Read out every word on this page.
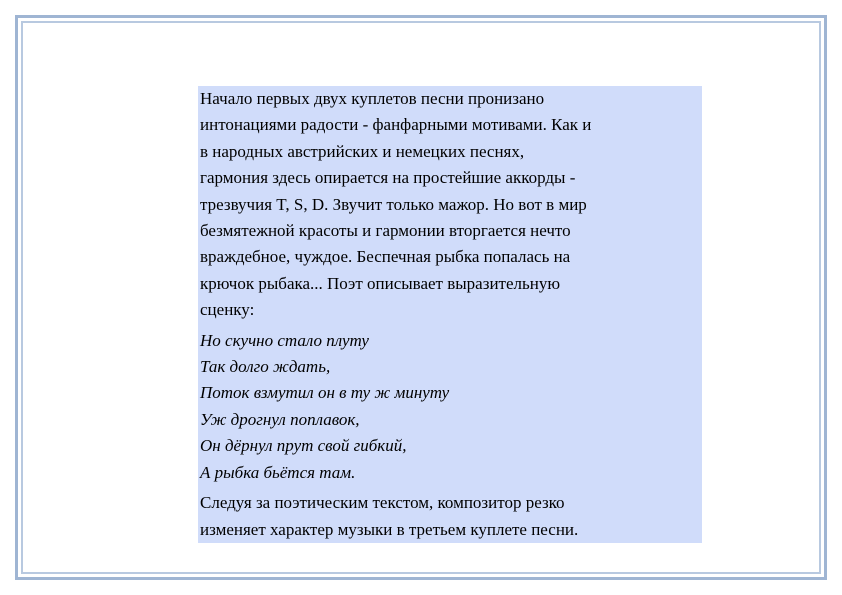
Начало первых двух куплетов песни пронизано
интонациями радости - фанфарными мотивами. Как и
в народных австрийских и немецких песнях,
гармония здесь опирается на простейшие аккорды -
трезвучия T, S, D. Звучит только мажор. Но вот в мир
безмятежной красоты и гармонии вторгается нечто
враждебное, чуждое. Беспечная рыбка попалась на
крючок рыбака... Поэт описывает выразительную
сценку:

Но скучно стало плуту
Так долго ждать,
Поток взмутил он в ту ж минуту
Уж дрогнул поплавок,
Он дёрнул прут свой гибкий,
А рыбка бьётся там.

Следуя за поэтическим текстом, композитор резко
изменяет характер музыки в третьем куплете песни.
